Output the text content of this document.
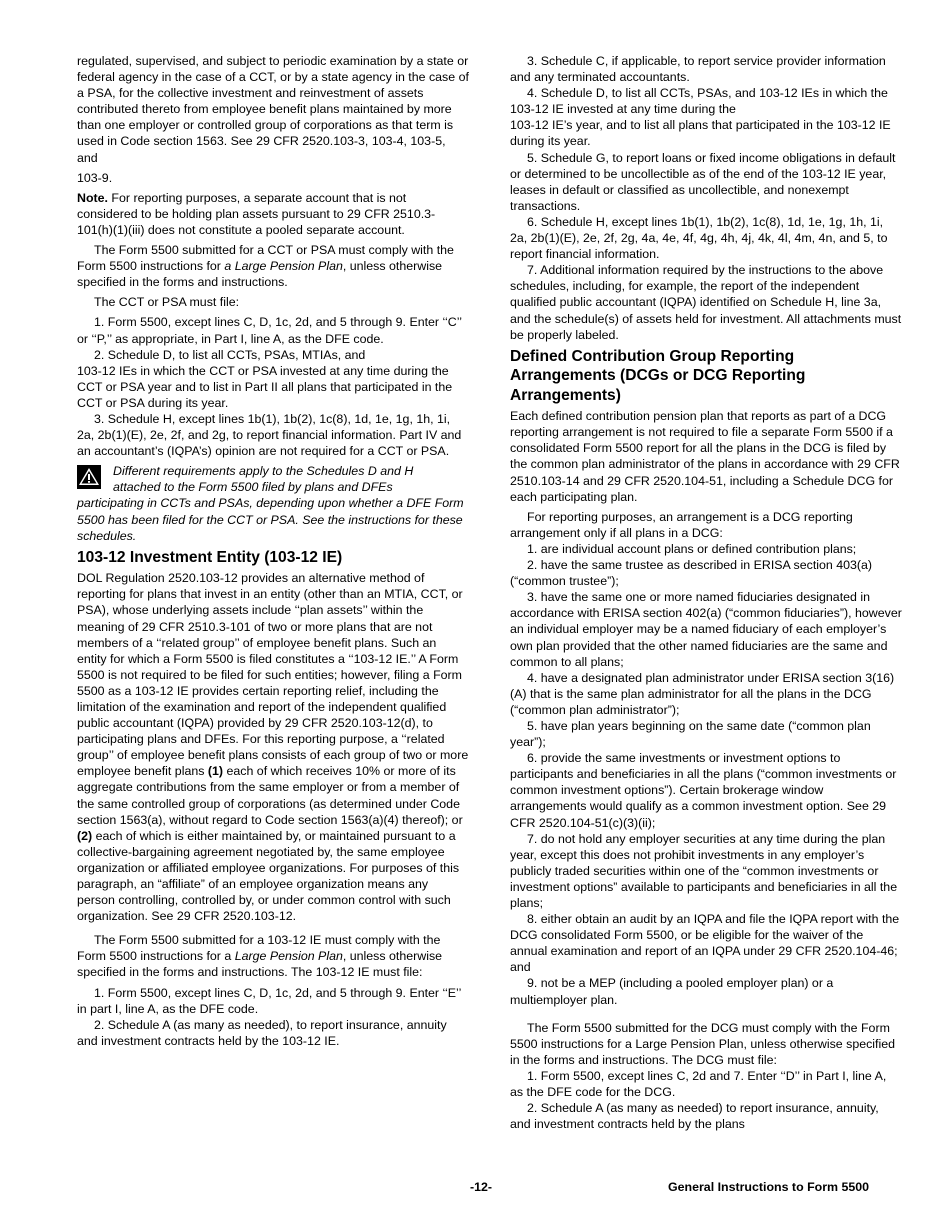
regulated, supervised, and subject to periodic examination by a state or federal agency in the case of a CCT, or by a state agency in the case of a PSA, for the collective investment and reinvestment of assets contributed thereto from employee benefit plans maintained by more than one employer or controlled group of corporations as that term is used in Code section 1563. See 29 CFR 2520.103-3, 103-4, 103-5, and

103-9.

Note. For reporting purposes, a separate account that is not considered to be holding plan assets pursuant to 29 CFR 2510.3-101(h)(1)(iii) does not constitute a pooled separate account.

The Form 5500 submitted for a CCT or PSA must comply with the Form 5500 instructions for a Large Pension Plan, unless otherwise specified in the forms and instructions.

The CCT or PSA must file:

1. Form 5500, except lines C, D, 1c, 2d, and 5 through 9. Enter ‘‘C’’ or ‘‘P,’’ as appropriate, in Part I, line A, as the DFE code.

2. Schedule D, to list all CCTs, PSAs, MTIAs, and

103-12 IEs in which the CCT or PSA invested at any time during the CCT or PSA year and to list in Part II all plans that participated in the CCT or PSA during its year.

3. Schedule H, except lines 1b(1), 1b(2), 1c(8), 1d, 1e, 1g, 1h, 1i, 2a, 2b(1)(E), 2e, 2f, and 2g, to report financial information. Part IV and an accountant’s (IQPA’s) opinion are not required for a CCT or PSA.

Different requirements apply to the Schedules D and H
attached to the Form 5500 filed by plans and DFEs

participating in CCTs and PSAs, depending upon whether a DFE Form 5500 has been filed for the CCT or PSA. See the instructions for these schedules.

103-12 Investment Entity (103-12 IE)

DOL Regulation 2520.103-12 provides an alternative method of reporting for plans that invest in an entity (other than an MTIA, CCT, or PSA), whose underlying assets include ‘‘plan assets’’ within the meaning of 29 CFR 2510.3-101 of two or more plans that are not members of a ‘‘related group’’ of employee benefit plans. Such an entity for which a Form 5500 is filed constitutes a ‘‘103-12 IE.’’ A Form 5500 is not required to be filed for such entities; however, filing a Form 5500 as a 103-12 IE provides certain reporting relief, including the limitation of the examination and report of the independent qualified public accountant (IQPA) provided by 29 CFR 2520.103-12(d), to participating plans and DFEs. For this reporting purpose, a ‘‘related group’’ of employee benefit plans consists of each group of two or more employee benefit plans (1) each of which receives 10% or more of its aggregate contributions from the same employer or from a member of the same controlled group of corporations (as determined under Code section 1563(a), without regard to Code section 1563(a)(4) thereof); or (2) each of which is either maintained by, or maintained pursuant to a collective-bargaining agreement negotiated by, the same employee organization or affiliated employee organizations. For purposes of this paragraph, an “affiliate” of an employee organization means any person controlling, controlled by, or under common control with such organization. See 29 CFR 2520.103-12.

The Form 5500 submitted for a 103-12 IE must comply with the Form 5500 instructions for a Large Pension Plan, unless otherwise specified in the forms and instructions. The 103-12 IE must file:

1. Form 5500, except lines C, D, 1c, 2d, and 5 through 9. Enter ‘‘E’’ in part I, line A, as the DFE code.

2. Schedule A (as many as needed), to report insurance, annuity and investment contracts held by the 103-12 IE.

3. Schedule C, if applicable, to report service provider information and any terminated accountants.

4. Schedule D, to list all CCTs, PSAs, and 103-12 IEs in which the 103-12 IE invested at any time during the

103-12 IE’s year, and to list all plans that participated in the 103-12 IE during its year.

5. Schedule G, to report loans or fixed income obligations in default or determined to be uncollectible as of the end of the 103-12 IE year, leases in default or classified as uncollectible, and nonexempt transactions.

6. Schedule H, except lines 1b(1), 1b(2), 1c(8), 1d, 1e, 1g, 1h, 1i, 2a, 2b(1)(E), 2e, 2f, 2g, 4a, 4e, 4f, 4g, 4h, 4j, 4k, 4l, 4m, 4n, and 5, to report financial information.

7. Additional information required by the instructions to the above schedules, including, for example, the report of the independent qualified public accountant (IQPA) identified on Schedule H, line 3a, and the schedule(s) of assets held for investment. All attachments must be properly labeled.

Defined Contribution Group Reporting Arrangements (DCGs or DCG Reporting Arrangements)

Each defined contribution pension plan that reports as part of a DCG reporting arrangement is not required to file a separate Form 5500 if a consolidated Form 5500 report for all the plans in the DCG is filed by the common plan administrator of the plans in accordance with 29 CFR 2510.103-14 and 29 CFR 2520.104-51, including a Schedule DCG for each participating plan.

For reporting purposes, an arrangement is a DCG reporting arrangement only if all plans in a DCG:

1. are individual account plans or defined contribution plans;

2. have the same trustee as described in ERISA section 403(a) (“common trustee”);

3. have the same one or more named fiduciaries designated in accordance with ERISA section 402(a) (“common fiduciaries”), however an individual employer may be a named fiduciary of each employer’s own plan provided that the other named fiduciaries are the same and common to all plans;

4. have a designated plan administrator under ERISA section 3(16)(A) that is the same plan administrator for all the plans in the DCG (“common plan administrator”);

5. have plan years beginning on the same date (“common plan year”);

6. provide the same investments or investment options to participants and beneficiaries in all the plans (“common investments or common investment options”). Certain brokerage window arrangements would qualify as a common investment option. See 29 CFR 2520.104-51(c)(3)(ii);

7. do not hold any employer securities at any time during the plan year, except this does not prohibit investments in any employer’s publicly traded securities within one of the “common investments or investment options” available to participants and beneficiaries in all the plans;

8. either obtain an audit by an IQPA and file the IQPA report with the DCG consolidated Form 5500, or be eligible for the waiver of the annual examination and report of an IQPA under 29 CFR 2520.104-46; and

9. not be a MEP (including a pooled employer plan) or a multiemployer plan.

The Form 5500 submitted for the DCG must comply with the Form 5500 instructions for a Large Pension Plan, unless otherwise specified in the forms and instructions. The DCG must file:

1. Form 5500, except lines C, 2d and 7. Enter ‘‘D’’ in Part I, line A, as the DFE code for the DCG.

2. Schedule A (as many as needed) to report insurance, annuity, and investment contracts held by the plans

-12-	General Instructions to Form 5500
